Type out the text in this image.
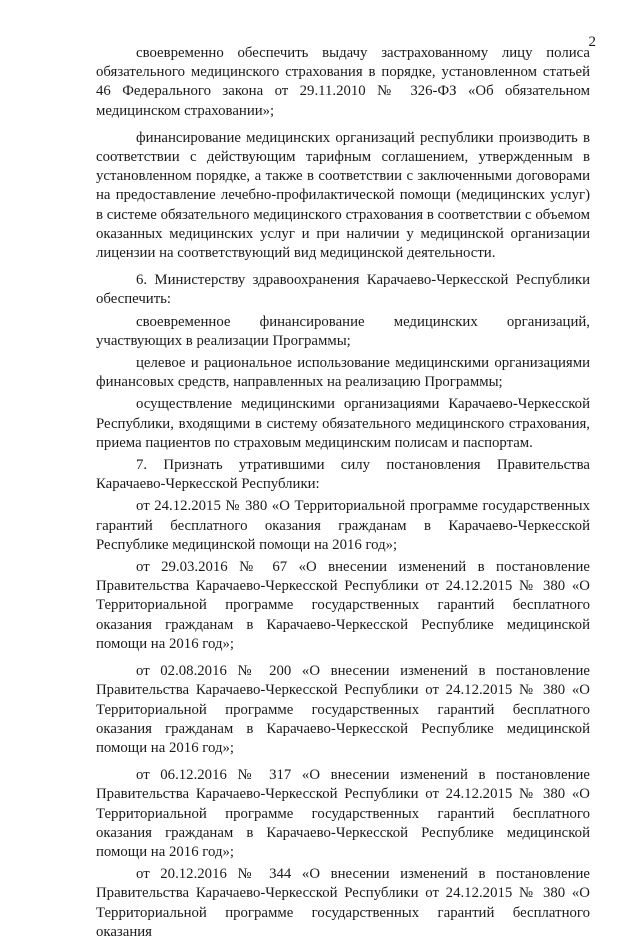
2

своевременно обеспечить выдачу застрахованному лицу полиса обязательного медицинского страхования в порядке, установленном статьей 46 Федерального закона от 29.11.2010 № 326-ФЗ «Об обязательном медицинском страховании»;

финансирование медицинских организаций республики производить в соответствии с действующим тарифным соглашением, утвержденным в установленном порядке, а также в соответствии с заключенными договорами на предоставление лечебно-профилактической помощи (медицинских услуг) в системе обязательного медицинского страхования в соответствии с объемом оказанных медицинских услуг и при наличии у медицинской организации лицензии на соответствующий вид медицинской деятельности.

6. Министерству здравоохранения Карачаево-Черкесской Республики обеспечить:

своевременное финансирование медицинских организаций, участвующих в реализации Программы;

целевое и рациональное использование медицинскими организациями финансовых средств, направленных на реализацию Программы;

осуществление медицинскими организациями Карачаево-Черкесской Республики, входящими в систему обязательного медицинского страхования, приема пациентов по страховым медицинским полисам и паспортам.

7. Признать утратившими силу постановления Правительства Карачаево-Черкесской Республики:

от 24.12.2015 № 380 «О Территориальной программе государственных гарантий бесплатного оказания гражданам в Карачаево-Черкесской Республике медицинской помощи на 2016 год»;

от 29.03.2016 № 67 «О внесении изменений в постановление Правительства Карачаево-Черкесской Республики от 24.12.2015 № 380 «О Территориальной программе государственных гарантий бесплатного оказания гражданам в Карачаево-Черкесской Республике медицинской помощи на 2016 год»;

от 02.08.2016 № 200 «О внесении изменений в постановление Правительства Карачаево-Черкесской Республики от 24.12.2015 № 380 «О Территориальной программе государственных гарантий бесплатного оказания гражданам в Карачаево-Черкесской Республике медицинской помощи на 2016 год»;

от 06.12.2016 № 317 «О внесении изменений в постановление Правительства Карачаево-Черкесской Республики от 24.12.2015 № 380 «О Территориальной программе государственных гарантий бесплатного оказания гражданам в Карачаево-Черкесской Республике медицинской помощи на 2016 год»;

от 20.12.2016 № 344 «О внесении изменений в постановление Правительства Карачаево-Черкесской Республики от 24.12.2015 № 380 «О Территориальной программе государственных гарантий бесплатного оказания
